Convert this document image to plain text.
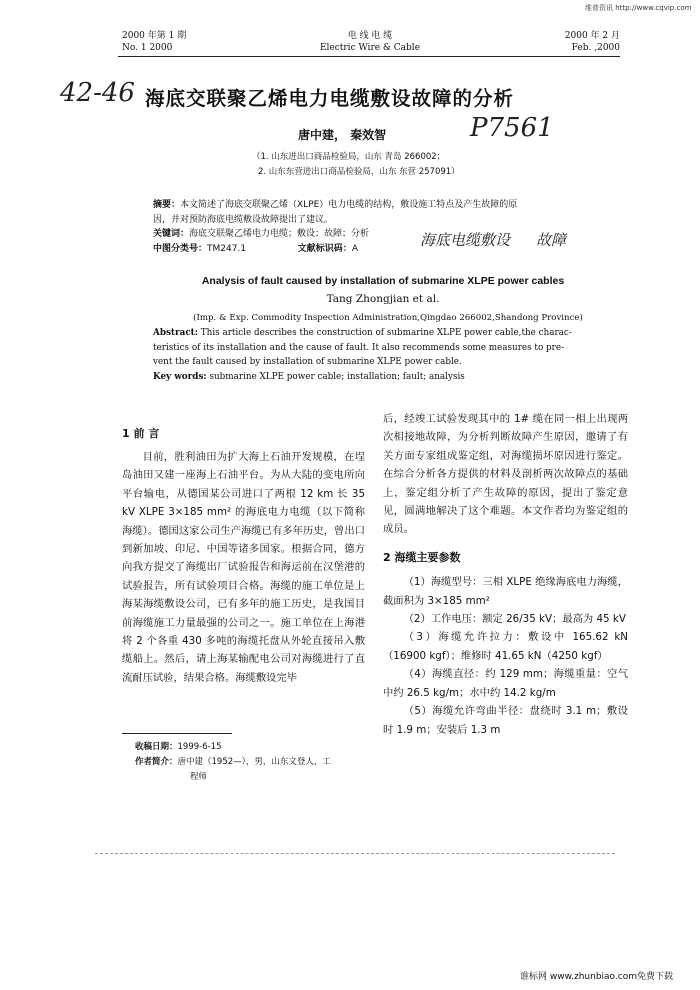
维普资讯 http://www.cqvip.com
2000 年第 1 期
No. 1 2000
电 线 电 缆
Electric Wire & Cable
2000 年 2 月
Feb. ,2000
42-46 海底交联聚乙烯电力电缆敷设故障的分析
唐中建， 秦效智	P7561
（1. 山东进出口商品检验局，山东 青岛 266002；
2. 山东东营进出口商品检验局，山东 东营 257091）
摘要：本文简述了海底交联聚乙烯（XLPE）电力电缆的结构，敷设施工特点及产生故障的原
因，并对预防海底电缆敷设故障提出了建议。
关键词：海底交联聚乙烯电力电缆；敷设；故障；分析
中图分类号：TM247.1	文献标识码：A	海底电缆敷设 故障
Analysis of fault caused by installation of submarine XLPE power cables
Tang Zhongjian et al.
(Imp. & Exp. Commodity Inspection Administration,Qingdao 266002,Shandong Province)
Abstract: This article describes the construction of submarine XLPE power cable,the charac-
teristics of its installation and the cause of fault. It also recommends some measures to pre-
vent the fault caused by installation of submarine XLPE power cable.
Key words: submarine XLPE power cable; installation; fault; analysis
1 前 言

目前，胜利油田为扩大海上石油开发规模，在埕岛油田又建一座海上石油平台。为从大陆的变电所向平台输电，从德国某公司进口了两根 12 km 长 35 kV XLPE 3×185 mm² 的海底电力电缆（以下简称海缆）。德国这家公司生产海缆已有多年历史，曾出口到新加坡、印尼、中国等诸多国家。根据合同，德方向我方提交了海缆出厂试验报告和海运前在汉堡港的试验报告，所有试验项目合格。海缆的施工单位是上海某海缆敷设公司，已有多年的施工历史，是我国目前海缆施工力量最强的公司之一。施工单位在上海港将 2 个各重 430 多吨的海缆托盘从外轮直接吊入敷缆船上。然后，请上海某输配电公司对海缆进行了直流耐压试验，结果合格。海缆敷设完毕

收稿日期：1999-6-15
作者简介：唐中建（1952—），男，山东文登人，工
程师
后，经竣工试验发现其中的 1# 缆在同一相上出现两次相接地故障，为分析判断故障产生原因，邀请了有关方面专家组成鉴定组，对海缆损坏原因进行鉴定。在综合分析各方提供的材料及剖析两次故障点的基础上，鉴定组分析了产生故障的原因，提出了鉴定意见，圆满地解决了这个难题。本文作者均为鉴定组的成员。
2 海缆主要参数

（1）海缆型号：三相 XLPE 绝缘海底电力海缆，截面积为 3×185 mm²

（2）工作电压：额定 26/35 kV；最高为 45 kV

（3）海缆允许拉力：敷设中 165.62 kN（16900 kgf）；维修时 41.65 kN（4250 kgf）

（4）海缆直径：约 129 mm；海缆重量：空气中约 26.5 kg/m；水中约 14.2 kg/m

（5）海缆允许弯曲半径：盘绕时 3.1 m；敷设时 1.9 m；安装后 1.3 m

谁标网 www.zhunbiao.com免费下载
